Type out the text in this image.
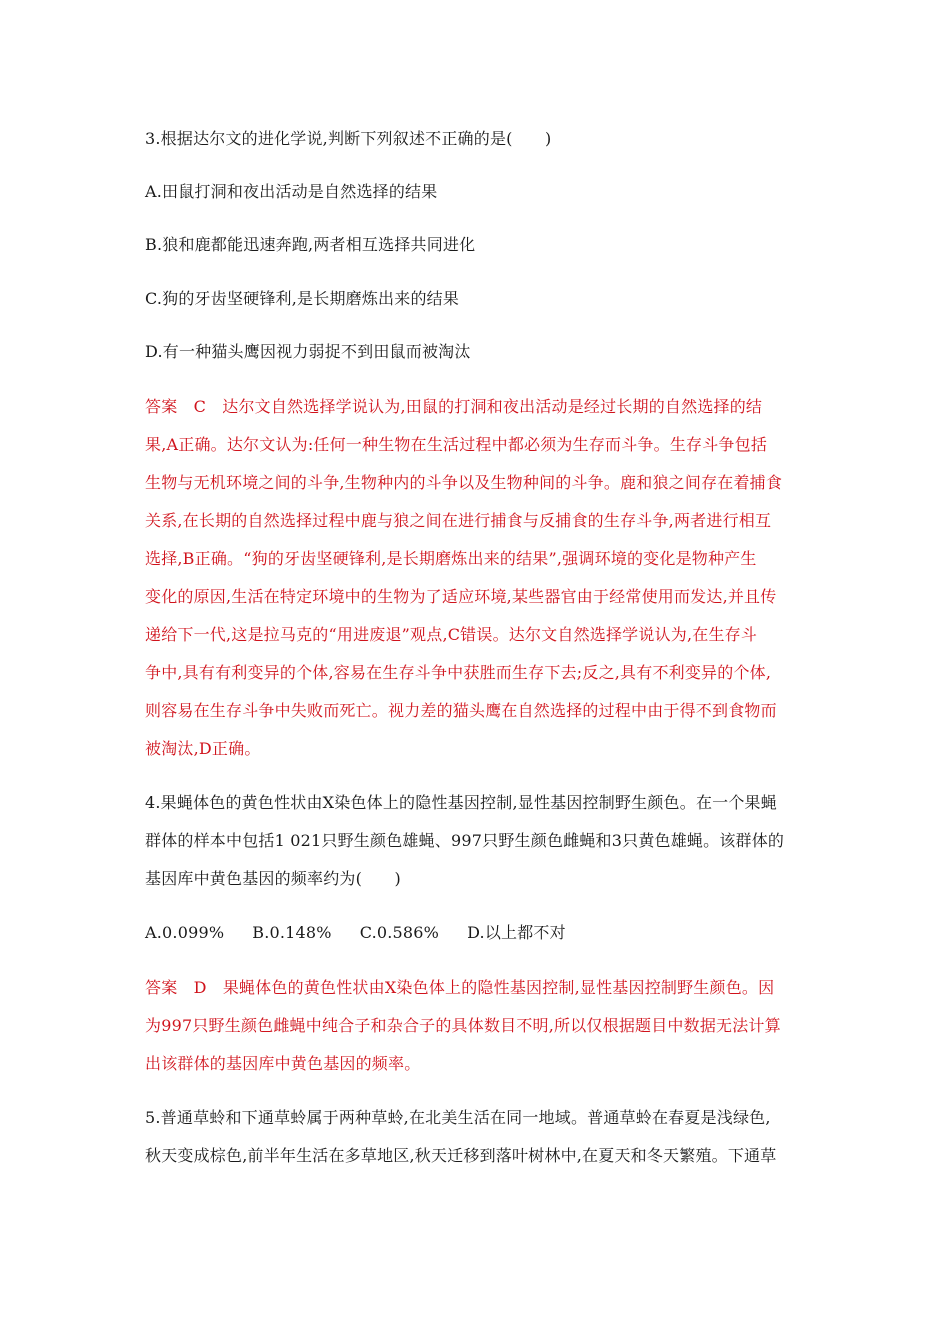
3.根据达尔文的进化学说,判断下列叙述不正确的是(　　)
A.田鼠打洞和夜出活动是自然选择的结果
B.狼和鹿都能迅速奔跑,两者相互选择共同进化
C.狗的牙齿坚硬锋利,是长期磨炼出来的结果
D.有一种猫头鹰因视力弱捉不到田鼠而被淘汰
答案　C　达尔文自然选择学说认为,田鼠的打洞和夜出活动是经过长期的自然选择的结
果,A正确。达尔文认为:任何一种生物在生活过程中都必须为生存而斗争。生存斗争包括
生物与无机环境之间的斗争,生物种内的斗争以及生物种间的斗争。鹿和狼之间存在着捕食
关系,在长期的自然选择过程中鹿与狼之间在进行捕食与反捕食的生存斗争,两者进行相互
选择,B正确。“狗的牙齿坚硬锋利,是长期磨炼出来的结果”,强调环境的变化是物种产生
变化的原因,生活在特定环境中的生物为了适应环境,某些器官由于经常使用而发达,并且传
递给下一代,这是拉马克的“用进废退”观点,C错误。达尔文自然选择学说认为,在生存斗
争中,具有有利变异的个体,容易在生存斗争中获胜而生存下去;反之,具有不利变异的个体,
则容易在生存斗争中失败而死亡。视力差的猫头鹰在自然选择的过程中由于得不到食物而
被淘汰,D正确。
4.果蝇体色的黄色性状由X染色体上的隐性基因控制,显性基因控制野生颜色。在一个果蝇
群体的样本中包括1 021只野生颜色雄蝇、997只野生颜色雌蝇和3只黄色雄蝇。该群体的
基因库中黄色基因的频率约为(　　)
A.0.099% B.0.148% C.0.586% D.以上都不对
答案　D　果蝇体色的黄色性状由X染色体上的隐性基因控制,显性基因控制野生颜色。因
为997只野生颜色雌蝇中纯合子和杂合子的具体数目不明,所以仅根据题目中数据无法计算
出该群体的基因库中黄色基因的频率。
5.普通草蛉和下通草蛉属于两种草蛉,在北美生活在同一地域。普通草蛉在春夏是浅绿色,
秋天变成棕色,前半年生活在多草地区,秋天迁移到落叶树林中,在夏天和冬天繁殖。下通草
